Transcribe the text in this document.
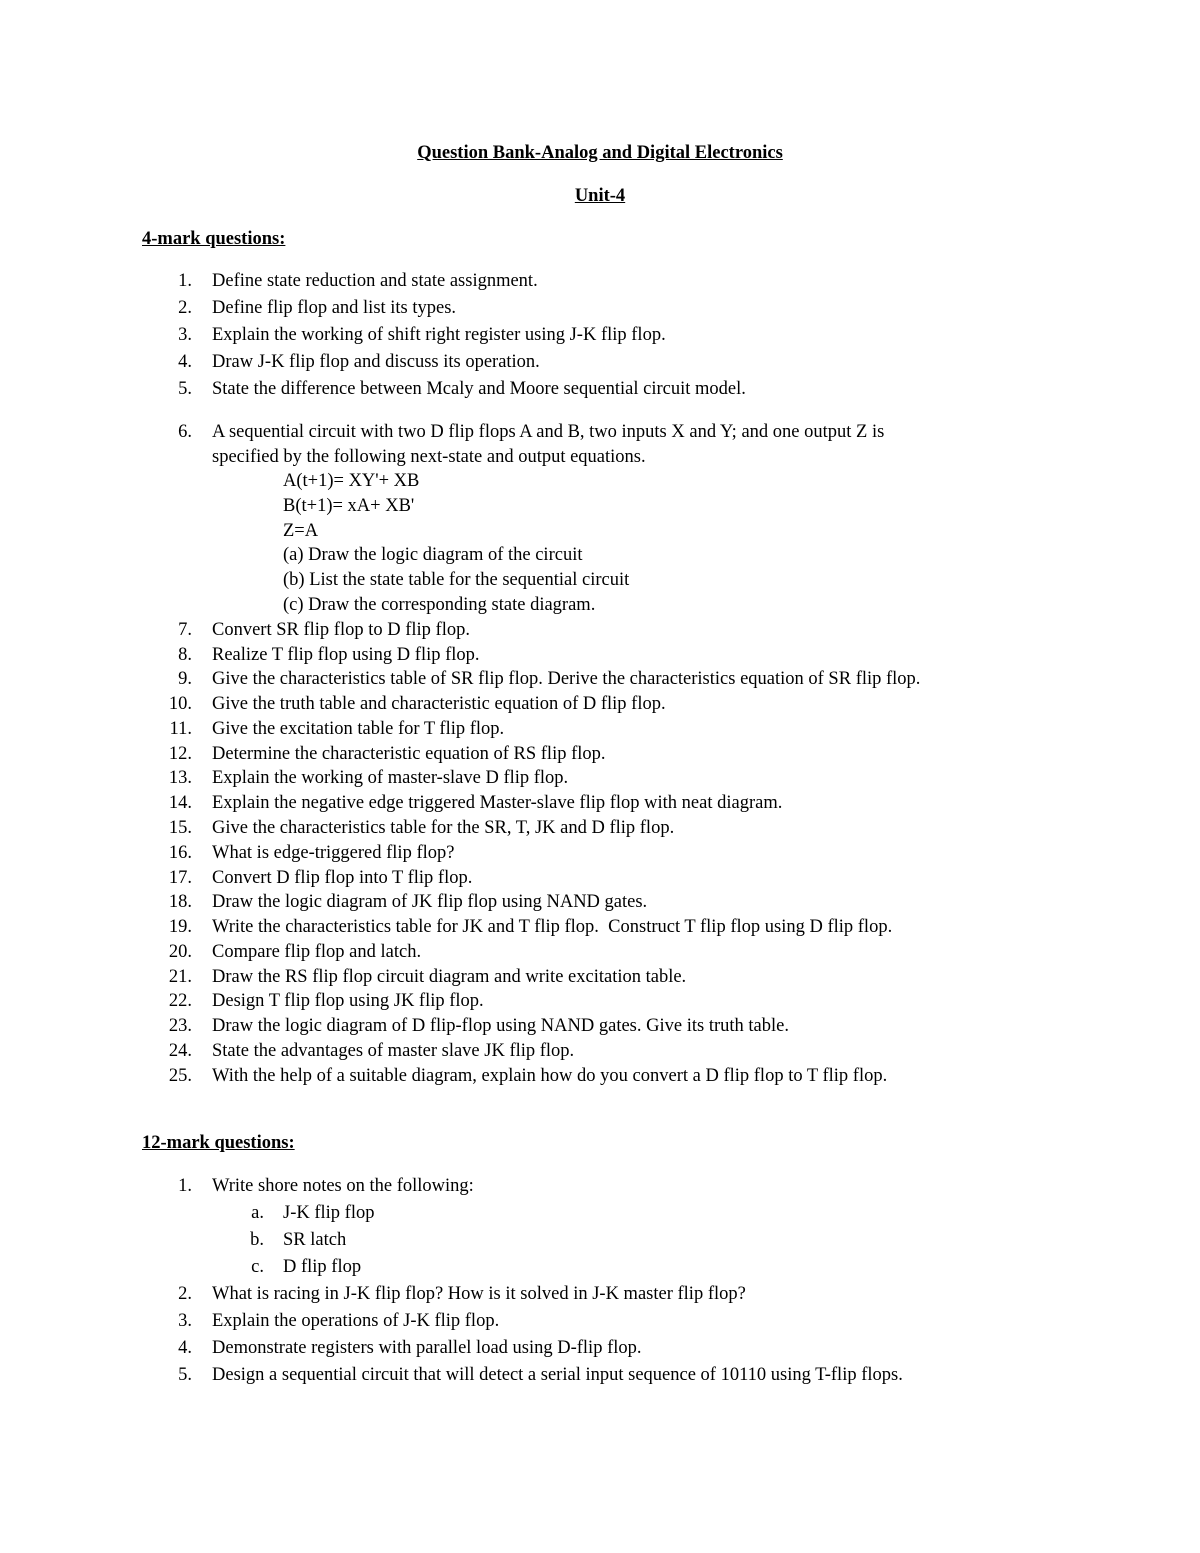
Question Bank-Analog and Digital Electronics
Unit-4
4-mark questions:
1. Define state reduction and state assignment.
2. Define flip flop and list its types.
3. Explain the working of shift right register using J-K flip flop.
4. Draw J-K flip flop and discuss its operation.
5. State the difference between Mcaly and Moore sequential circuit model.
6. A sequential circuit with two D flip flops A and B, two inputs X and Y; and one output Z is
specified by the following next-state and output equations.
A(t+1)= XY'+ XB
B(t+1)= xA+ XB'
Z=A
(a) Draw the logic diagram of the circuit
(b) List the state table for the sequential circuit
(c) Draw the corresponding state diagram.
7. Convert SR flip flop to D flip flop.
8. Realize T flip flop using D flip flop.
9. Give the characteristics table of SR flip flop. Derive the characteristics equation of SR flip flop.
10. Give the truth table and characteristic equation of D flip flop.
11. Give the excitation table for T flip flop.
12. Determine the characteristic equation of RS flip flop.
13. Explain the working of master-slave D flip flop.
14. Explain the negative edge triggered Master-slave flip flop with neat diagram.
15. Give the characteristics table for the SR, T, JK and D flip flop.
16. What is edge-triggered flip flop?
17. Convert D flip flop into T flip flop.
18. Draw the logic diagram of JK flip flop using NAND gates.
19. Write the characteristics table for JK and T flip flop.  Construct T flip flop using D flip flop.
20. Compare flip flop and latch.
21. Draw the RS flip flop circuit diagram and write excitation table.
22. Design T flip flop using JK flip flop.
23. Draw the logic diagram of D flip-flop using NAND gates. Give its truth table.
24. State the advantages of master slave JK flip flop.
25. With the help of a suitable diagram, explain how do you convert a D flip flop to T flip flop.
12-mark questions:
1. Write shore notes on the following:
a. J-K flip flop
b. SR latch
c. D flip flop
2. What is racing in J-K flip flop? How is it solved in J-K master flip flop?
3. Explain the operations of J-K flip flop.
4. Demonstrate registers with parallel load using D-flip flop.
5. Design a sequential circuit that will detect a serial input sequence of 10110 using T-flip flops.
